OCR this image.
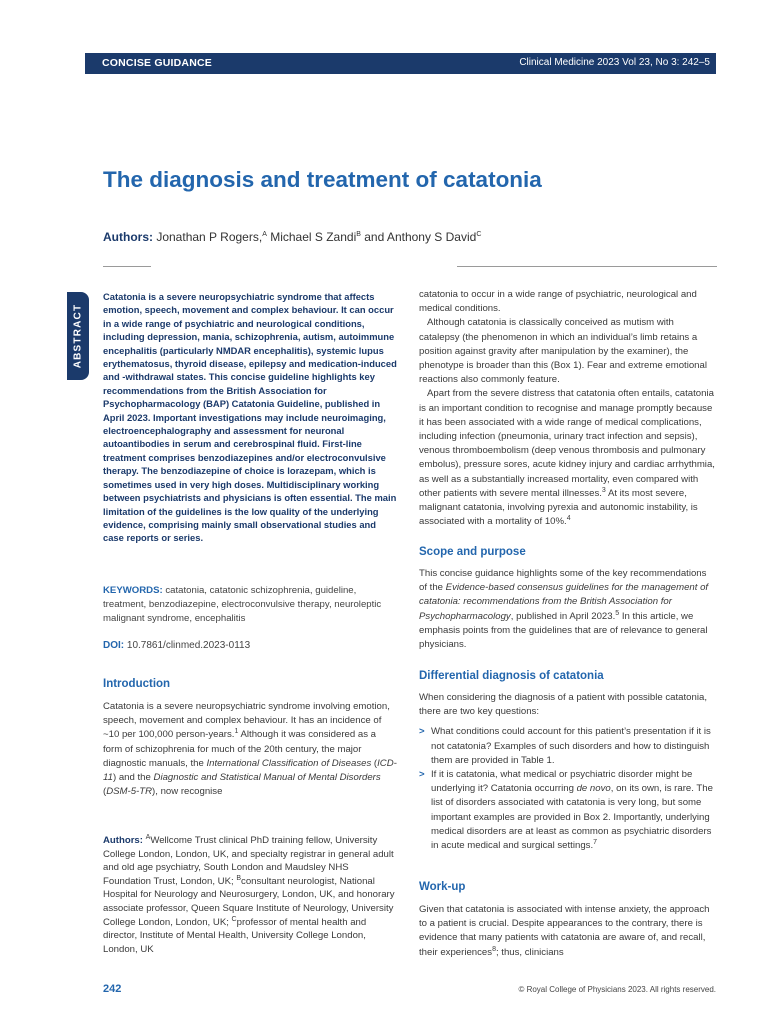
CONCISE GUIDANCE	Clinical Medicine 2023 Vol 23, No 3: 242–5
The diagnosis and treatment of catatonia
Authors: Jonathan P Rogers,$^A$ Michael S Zandi$^B$ and Anthony S David$^C$
ABSTRACT
Catatonia is a severe neuropsychiatric syndrome that affects emotion, speech, movement and complex behaviour. It can occur in a wide range of psychiatric and neurological conditions, including depression, mania, schizophrenia, autism, autoimmune encephalitis (particularly NMDAR encephalitis), systemic lupus erythematosus, thyroid disease, epilepsy and medication-induced and -withdrawal states. This concise guideline highlights key recommendations from the British Association for Psychopharmacology (BAP) Catatonia Guideline, published in April 2023. Important investigations may include neuroimaging, electroencephalography and assessment for neuronal autoantibodies in serum and cerebrospinal fluid. First-line treatment comprises benzodiazepines and/or electroconvulsive therapy. The benzodiazepine of choice is lorazepam, which is sometimes used in very high doses. Multidisciplinary working between psychiatrists and physicians is often essential. The main limitation of the guidelines is the low quality of the underlying evidence, comprising mainly small observational studies and case reports or series.
KEYWORDS: catatonia, catatonic schizophrenia, guideline, treatment, benzodiazepine, electroconvulsive therapy, neuroleptic malignant syndrome, encephalitis
DOI: 10.7861/clinmed.2023-0113
Introduction

Catatonia is a severe neuropsychiatric syndrome involving emotion, speech, movement and complex behaviour. It has an incidence of ~10 per 100,000 person-years.$^1$ Although it was considered as a form of schizophrenia for much of the 20th century, the major diagnostic manuals, the International Classification of Diseases (ICD-11) and the Diagnostic and Statistical Manual of Mental Disorders (DSM-5-TR), now recognise

Authors: $^A$Wellcome Trust clinical PhD training fellow, University College London, London, UK, and specialty registrar in general adult and old age psychiatry, South London and Maudsley NHS Foundation Trust, London, UK; $^B$consultant neurologist, National Hospital for Neurology and Neurosurgery, London, UK, and honorary associate professor, Queen Square Institute of Neurology, University College London, London, UK; $^C$professor of mental health and director, Institute of Mental Health, University College London, London, UK

catatonia to occur in a wide range of psychiatric, neurological and medical conditions.

Although catatonia is classically conceived as mutism with catalepsy (the phenomenon in which an individual’s limb retains a position against gravity after manipulation by the examiner), the phenotype is broader than this (Box 1). Fear and extreme emotional reactions also commonly feature.

Apart from the severe distress that catatonia often entails, catatonia is an important condition to recognise and manage promptly because it has been associated with a wide range of medical complications, including infection (pneumonia, urinary tract infection and sepsis), venous thromboembolism (deep venous thrombosis and pulmonary embolus), pressure sores, acute kidney injury and cardiac arrhythmia, as well as a substantially increased mortality, even compared with other patients with severe mental illnesses.$^3$ At its most severe, malignant catatonia, involving pyrexia and autonomic instability, is associated with a mortality of 10%.$^4$

Scope and purpose

This concise guidance highlights some of the key recommendations of the Evidence-based consensus guidelines for the management of catatonia: recommendations from the British Association for Psychopharmacology, published in April 2023.$^5$ In this article, we emphasis points from the guidelines that are of relevance to general physicians.

Differential diagnosis of catatonia

When considering the diagnosis of a patient with possible catatonia, there are two key questions:

> What conditions could account for this patient’s presentation if it is not catatonia? Examples of such disorders and how to distinguish them are provided in Table 1.
> If it is catatonia, what medical or psychiatric disorder might be underlying it? Catatonia occurring de novo, on its own, is rare. The list of disorders associated with catatonia is very long, but some important examples are provided in Box 2. Importantly, underlying medical disorders are at least as common as psychiatric disorders in acute medical and surgical settings.$^7$
Work-up

Given that catatonia is associated with intense anxiety, the approach to a patient is crucial. Despite appearances to the contrary, there is evidence that many patients with catatonia are aware of, and recall, their experiences$^8$; thus, clinicians

242	© Royal College of Physicians 2023. All rights reserved.
